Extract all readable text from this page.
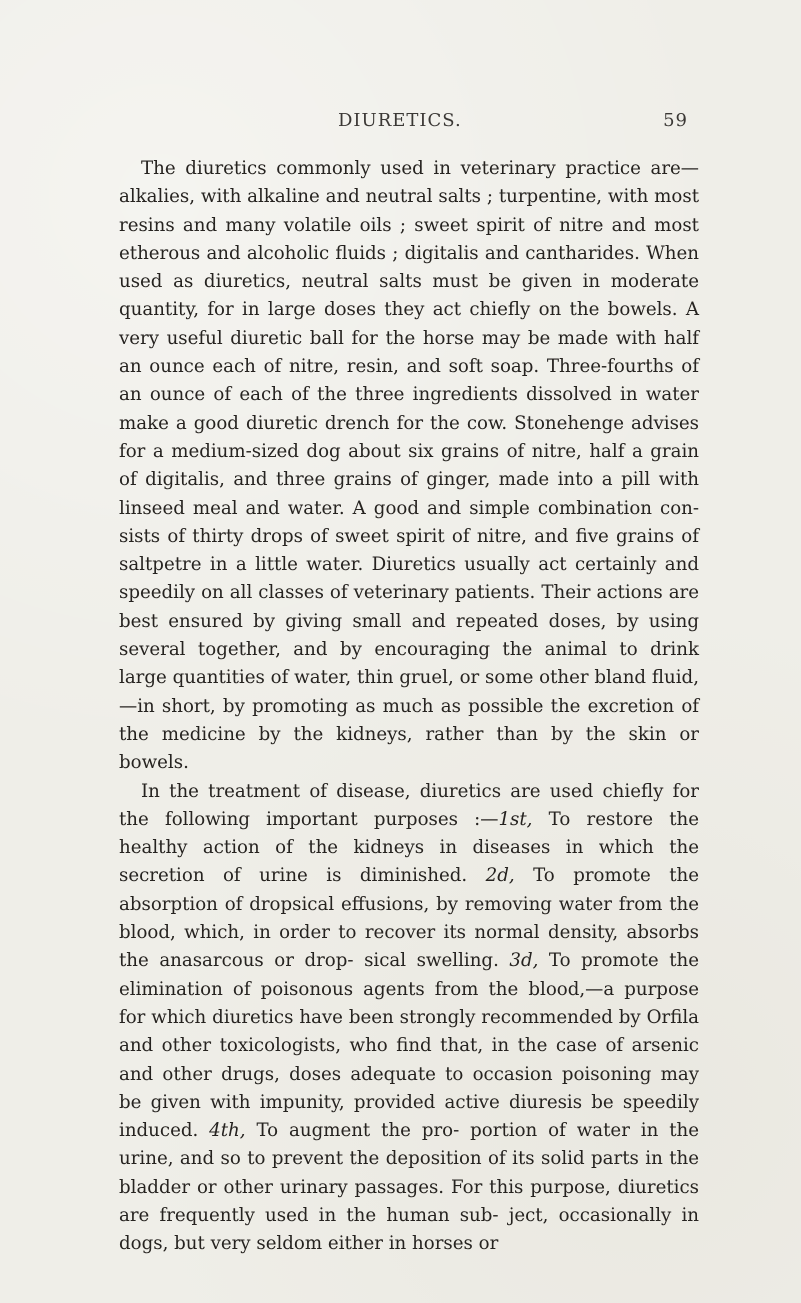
DIURETICS.	59

The diuretics commonly used in veterinary practice are— alkalies, with alkaline and neutral salts ; turpentine, with most resins and many volatile oils ; sweet spirit of nitre and most etherous and alcoholic fluids ; digitalis and cantharides. When used as diuretics, neutral salts must be given in moderate quantity, for in large doses they act chiefly on the bowels. A very useful diuretic ball for the horse may be made with half an ounce each of nitre, resin, and soft soap. Three-fourths of an ounce of each of the three ingredients dissolved in water make a good diuretic drench for the cow. Stonehenge advises for a medium-sized dog about six grains of nitre, half a grain of digitalis, and three grains of ginger, made into a pill with linseed meal and water. A good and simple combination con- sists of thirty drops of sweet spirit of nitre, and five grains of saltpetre in a little water. Diuretics usually act certainly and speedily on all classes of veterinary patients. Their actions are best ensured by giving small and repeated doses, by using several together, and by encouraging the animal to drink large quantities of water, thin gruel, or some other bland fluid,—in short, by promoting as much as possible the excretion of the medicine by the kidneys, rather than by the skin or bowels.

In the treatment of disease, diuretics are used chiefly for the following important purposes :—1st, To restore the healthy action of the kidneys in diseases in which the secretion of urine is diminished. 2d, To promote the absorption of dropsical effusions, by removing water from the blood, which, in order to recover its normal density, absorbs the anasarcous or drop- sical swelling. 3d, To promote the elimination of poisonous agents from the blood,—a purpose for which diuretics have been strongly recommended by Orfila and other toxicologists, who find that, in the case of arsenic and other drugs, doses adequate to occasion poisoning may be given with impunity, provided active diuresis be speedily induced. 4th, To augment the pro- portion of water in the urine, and so to prevent the deposition of its solid parts in the bladder or other urinary passages. For this purpose, diuretics are frequently used in the human sub- ject, occasionally in dogs, but very seldom either in horses or
